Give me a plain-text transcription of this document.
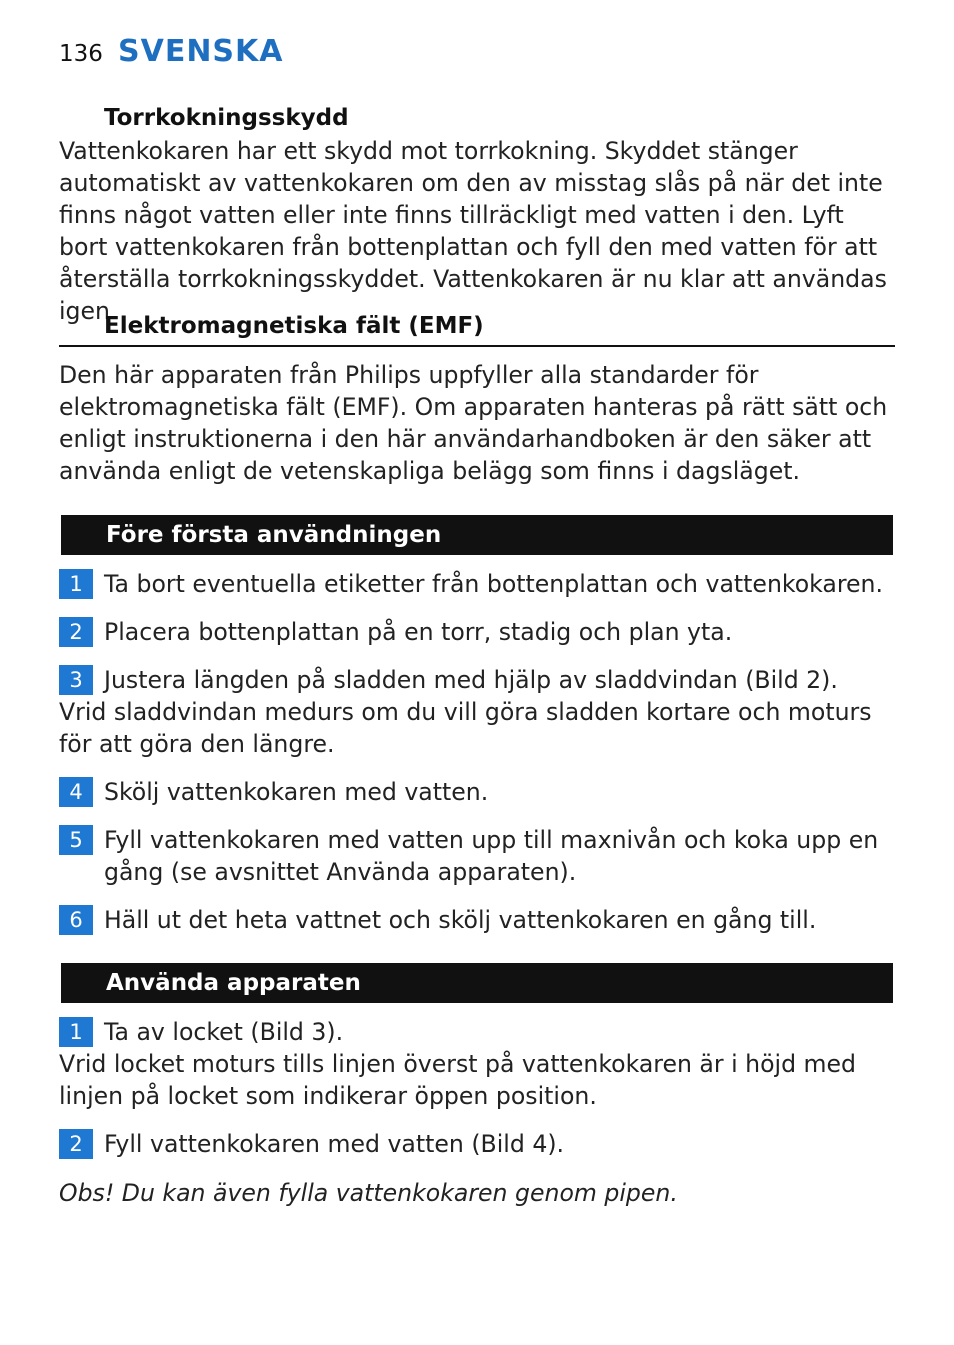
136 SVENSKA
Torrkokningsskydd
Vattenkokaren har ett skydd mot torrkokning. Skyddet stänger automatiskt av vattenkokaren om den av misstag slås på när det inte finns något vatten eller inte finns tillräckligt med vatten i den. Lyft bort vattenkokaren från bottenplattan och fyll den med vatten för att återställa torrkokningsskyddet. Vattenkokaren är nu klar att användas igen.
Elektromagnetiska fält (EMF)
Den här apparaten från Philips uppfyller alla standarder för elektromagnetiska fält (EMF). Om apparaten hanteras på rätt sätt och enligt instruktionerna i den här användarhandboken är den säker att använda enligt de vetenskapliga belägg som finns i dagsläget.
Före första användningen
1 Ta bort eventuella etiketter från bottenplattan och vattenkokaren.
2 Placera bottenplattan på en torr, stadig och plan yta.
3 Justera längden på sladden med hjälp av sladdvindan (Bild 2).
Vrid sladdvindan medurs om du vill göra sladden kortare och moturs för att göra den längre.
4 Skölj vattenkokaren med vatten.
5 Fyll vattenkokaren med vatten upp till maxnivån och koka upp en gång (se avsnittet Använda apparaten).
6 Häll ut det heta vattnet och skölj vattenkokaren en gång till.
Använda apparaten
1 Ta av locket (Bild 3).
Vrid locket moturs tills linjen överst på vattenkokaren är i höjd med linjen på locket som indikerar öppen position.
2 Fyll vattenkokaren med vatten (Bild 4).
Obs! Du kan även fylla vattenkokaren genom pipen.
